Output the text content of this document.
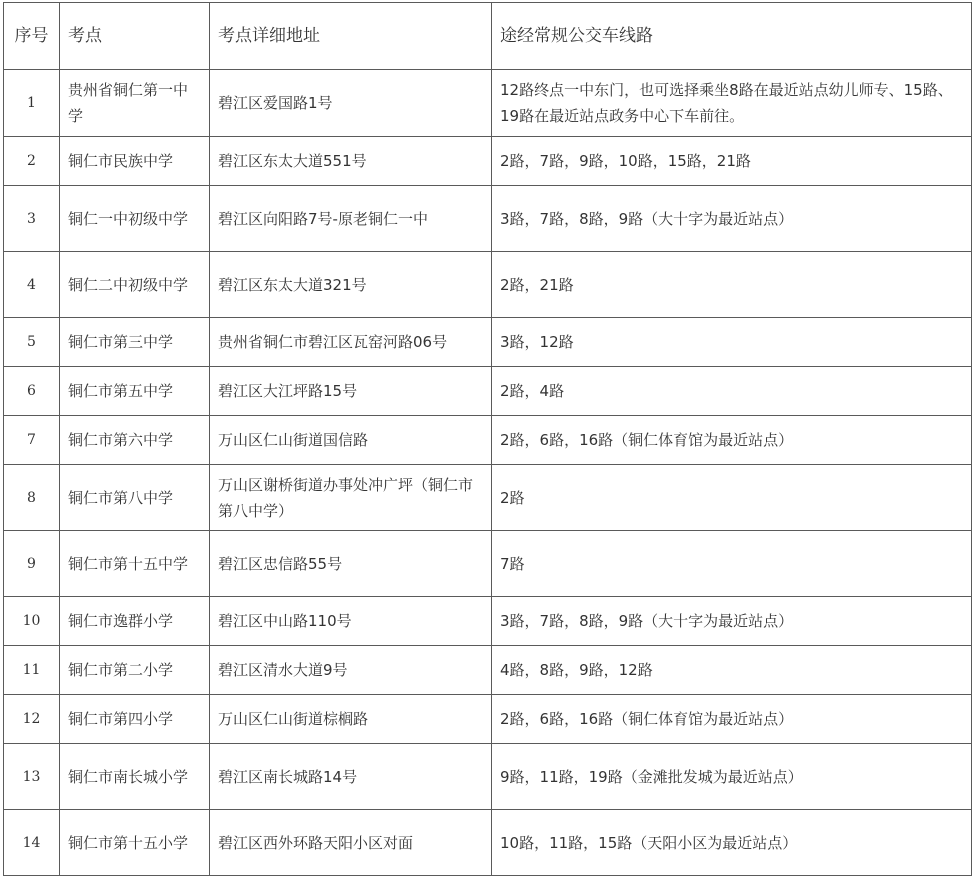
序号	考点	考点详细地址	途经常规公交车线路
1	贵州省铜仁第一中学	碧江区爱国路1号	12路终点一中东门，也可选择乘坐8路在最近站点幼儿师专、15路、19路在最近站点政务中心下车前往。
2	铜仁市民族中学	碧江区东太大道551号	2路，7路，9路，10路，15路，21路
3	铜仁一中初级中学	碧江区向阳路7号-原老铜仁一中	3路，7路，8路，9路（大十字为最近站点）
4	铜仁二中初级中学	碧江区东太大道321号	2路，21路
5	铜仁市第三中学	贵州省铜仁市碧江区瓦窑河路06号	3路，12路
6	铜仁市第五中学	碧江区大江坪路15号	2路，4路
7	铜仁市第六中学	万山区仁山街道国信路	2路，6路，16路（铜仁体育馆为最近站点）
8	铜仁市第八中学	万山区谢桥街道办事处冲广坪（铜仁市第八中学）	2路
9	铜仁市第十五中学	碧江区忠信路55号	7路
10	铜仁市逸群小学	碧江区中山路110号	3路，7路，8路，9路（大十字为最近站点）
11	铜仁市第二小学	碧江区清水大道9号	4路，8路，9路，12路
12	铜仁市第四小学	万山区仁山街道棕榈路	2路，6路，16路（铜仁体育馆为最近站点）
13	铜仁市南长城小学	碧江区南长城路14号	9路，11路，19路（金滩批发城为最近站点）
14	铜仁市第十五小学	碧江区西外环路天阳小区对面	10路，11路，15路（天阳小区为最近站点）
